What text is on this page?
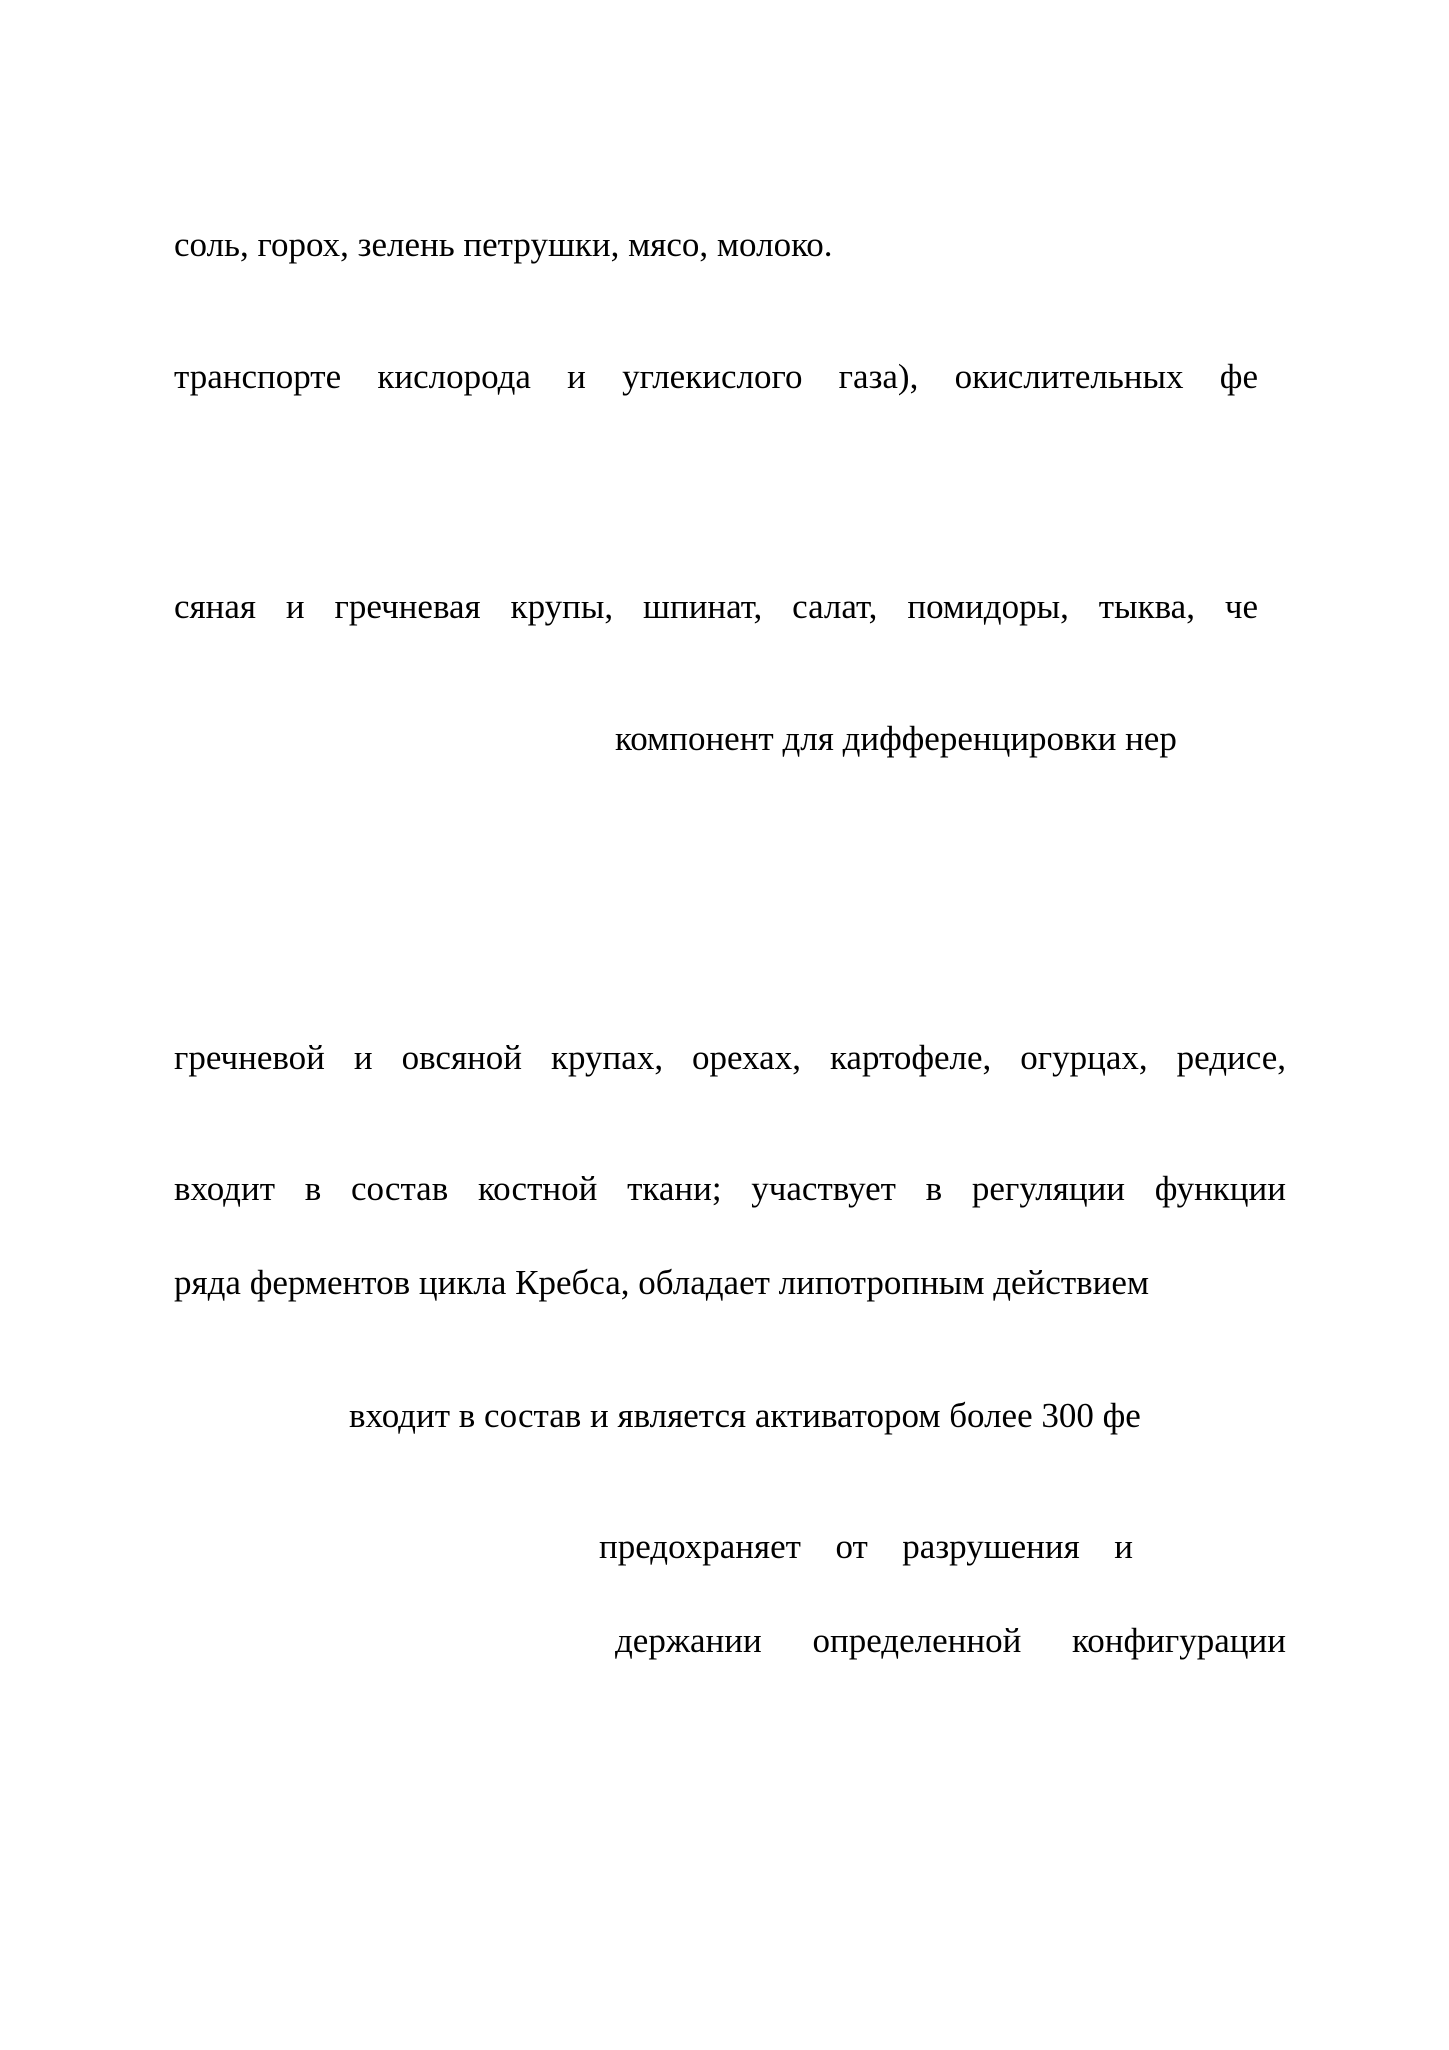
соль, горох, зелень петрушки, мясо, молоко.
транспорте кислорода и углекислого газа), окислительных фе
сяная и гречневая крупы, шпинат, салат, помидоры, тыква, че
компонент для дифференцировки нер
гречневой и овсяной крупах, орехах, картофеле, огурцах, редисе,
входит в состав костной ткани; участвует в регуляции функции
ряда ферментов цикла Кребса, обладает липотропным действием
входит в состав и является активатором более 300 фе
предохраняет от разрушения и
держании определенной конфигурации
